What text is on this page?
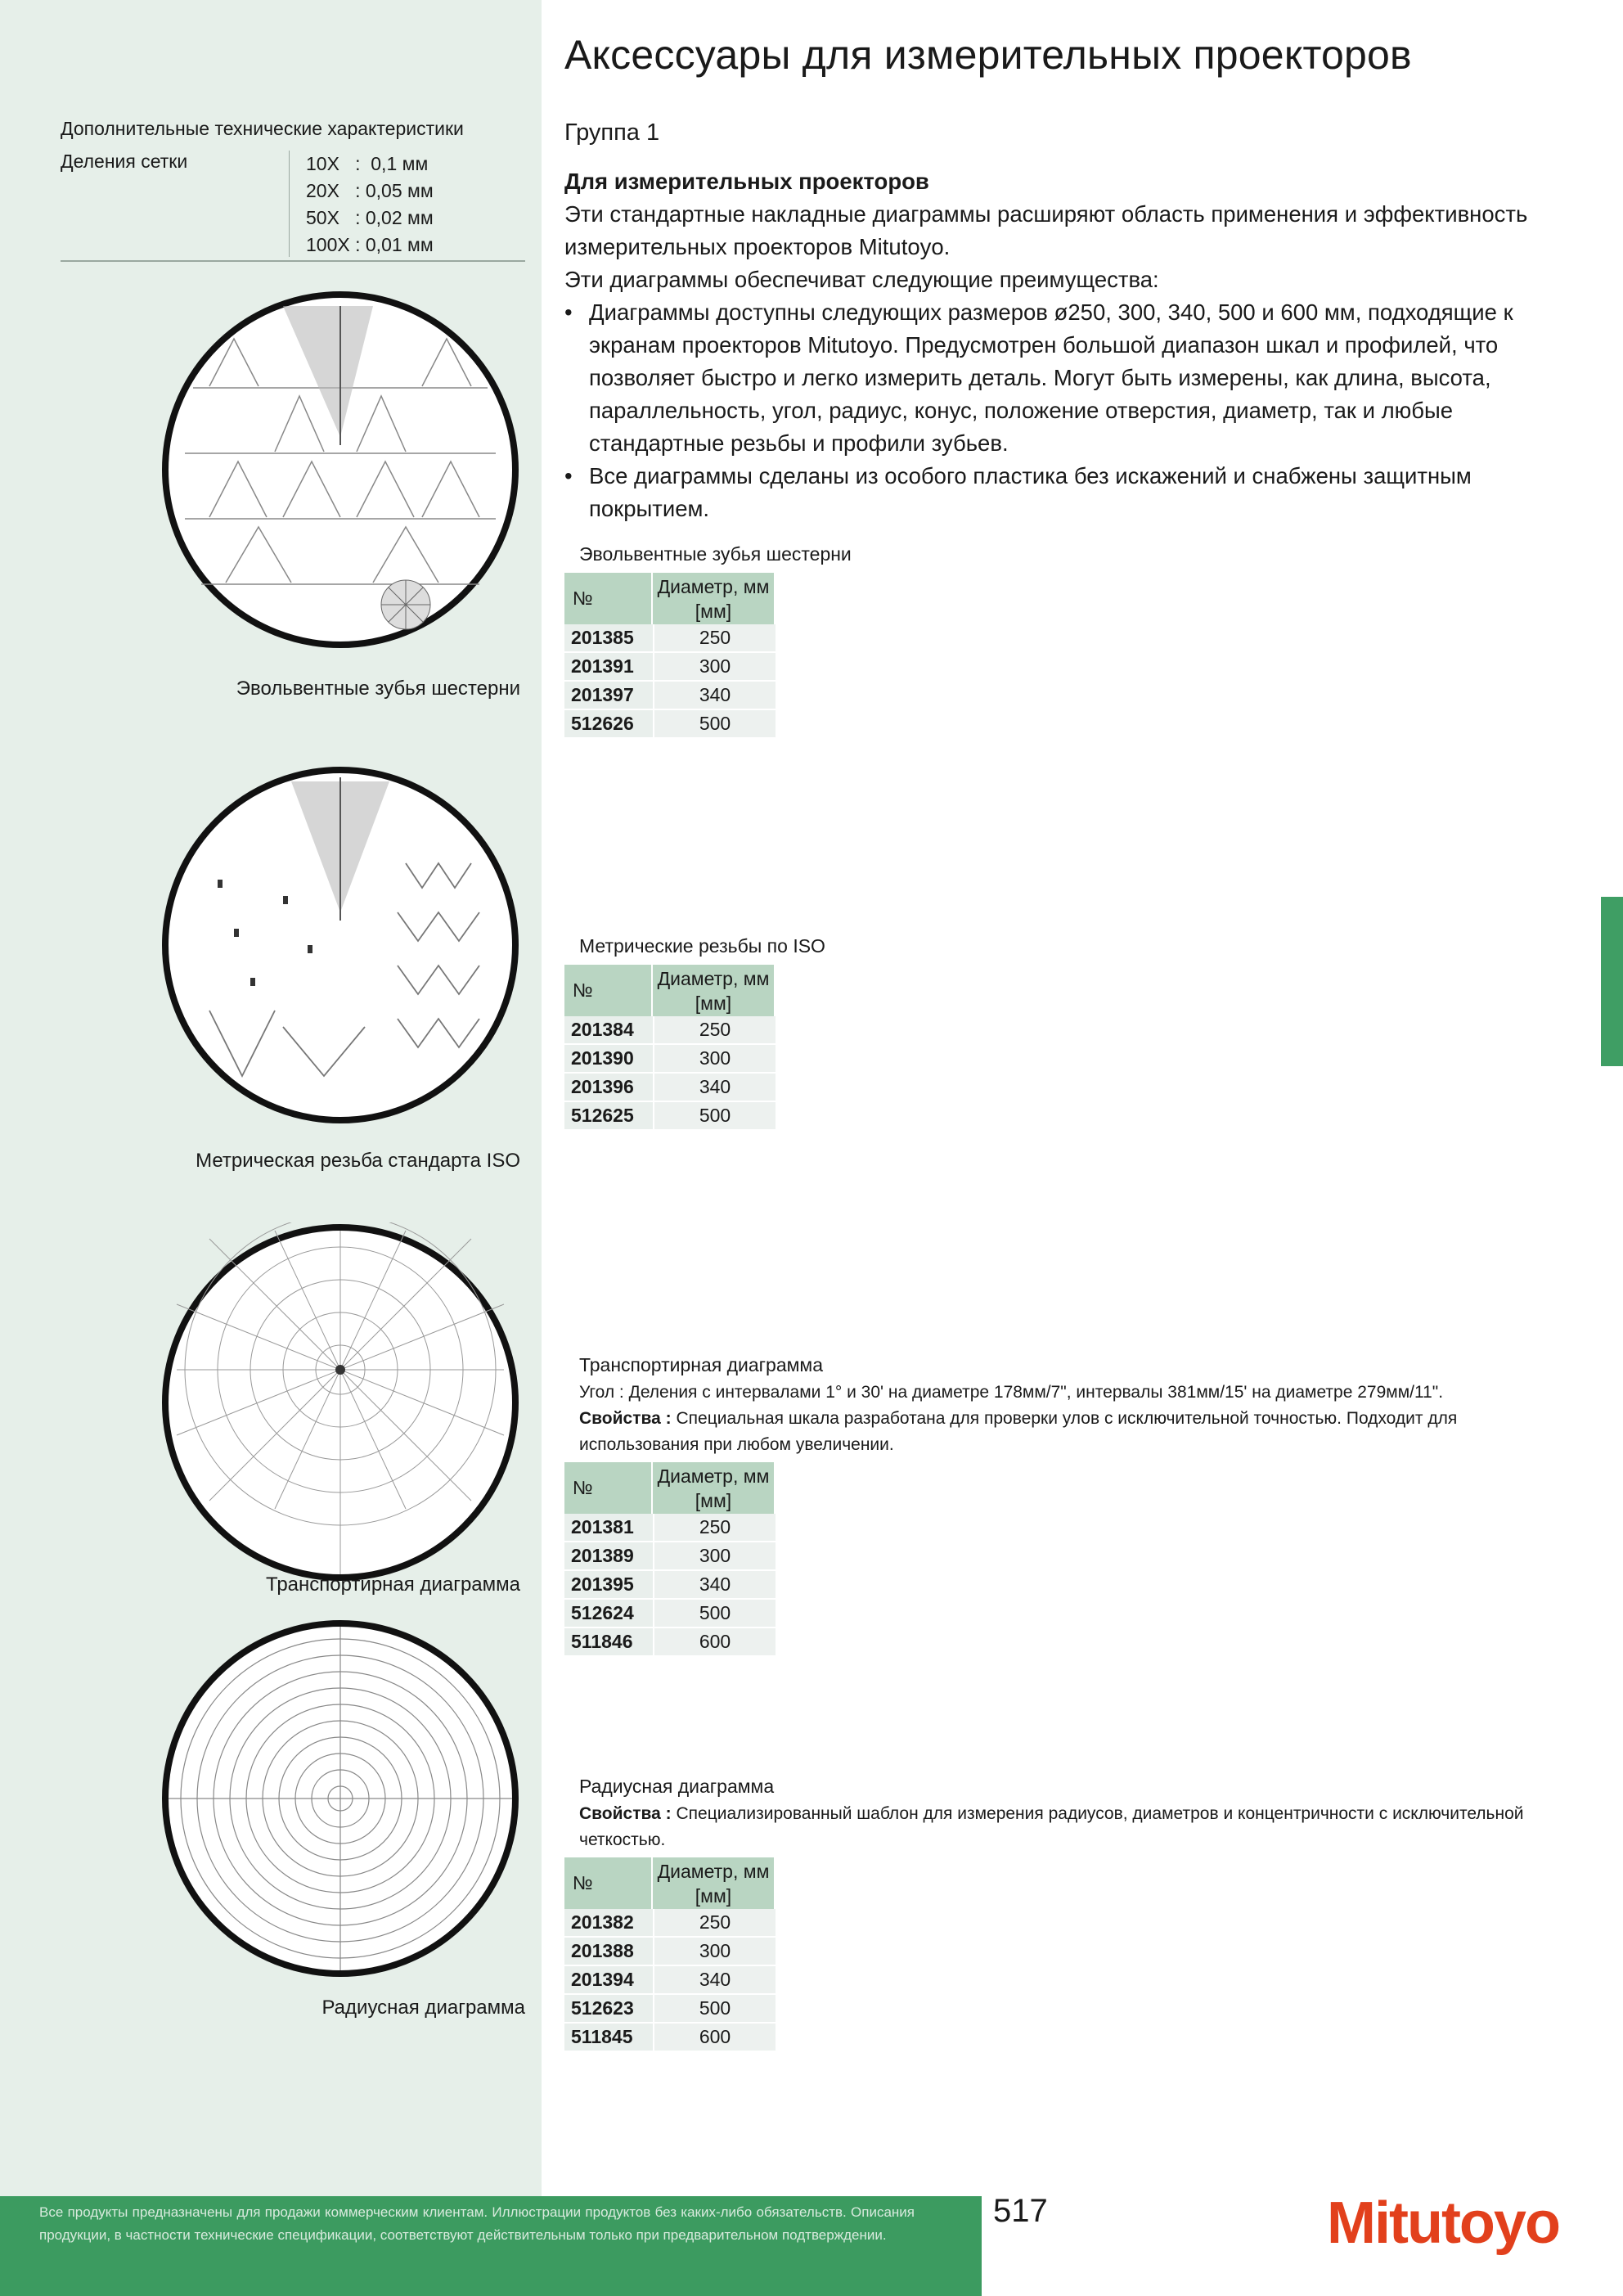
Аксессуары для измерительных проекторов
Группа 1
Для измерительных проекторов
Эти стандартные накладные диаграммы расширяют область применения и эффективность измерительных проекторов Mitutoyo.
Эти диаграммы обеспечиват следующие преимущества:
• Диаграммы доступны следующих размеров ø250, 300, 340, 500 и 600 мм, подходящие к экранам проекторов Mitutoyo. Предусмотрен большой диапазон шкал и профилей, что позволяет быстро и легко измерить деталь. Могут быть измерены, как длина, высота, параллельность, угол, радиус, конус, положение отверстия, диаметр, так и любые стандартные резьбы и профили зубьев.
• Все диаграммы сделаны из особого пластика без искажений и снабжены защитным покрытием.
Дополнительные технические характеристики
Деления сетки	10X   :  0,1 мм
20X   : 0,05 мм
50X   : 0,02 мм
100X : 0,01 мм
Эвольвентные зубья шестерни
Метрическая резьба стандарта ISO
Транспортирная диаграмма
Радиусная диаграмма
Эвольвентные зубья шестерни
№	Диаметр, мм [мм]
201385	250
201391	300
201397	340
512626	500
Метрические резьбы по ISO
№	Диаметр, мм [мм]
201384	250
201390	300
201396	340
512625	500
Транспортирная диаграмма
Угол : Деления с интервалами 1° и 30' на диаметре 178мм/7", интервалы 381мм/15' на диаметре 279мм/11".
Свойства : Специальная шкала разработана для проверки улов с исключительной точностью. Подходит для использования при любом увеличении.
№	Диаметр, мм [мм]
201381	250
201389	300
201395	340
512624	500
511846	600
Радиусная диаграмма
Свойства : Специализированный шаблон для измерения радиусов, диаметров и концентричности с исключительной четкостью.
№	Диаметр, мм [мм]
201382	250
201388	300
201394	340
512623	500
511845	600
Все продукты предназначены для продажи коммерческим клиентам. Иллюстрации продуктов без каких-либо обязательств. Описания продукции, в частности технические спецификации, соответствуют действительным только при предварительном подтверждении.
517	Mitutoyo
